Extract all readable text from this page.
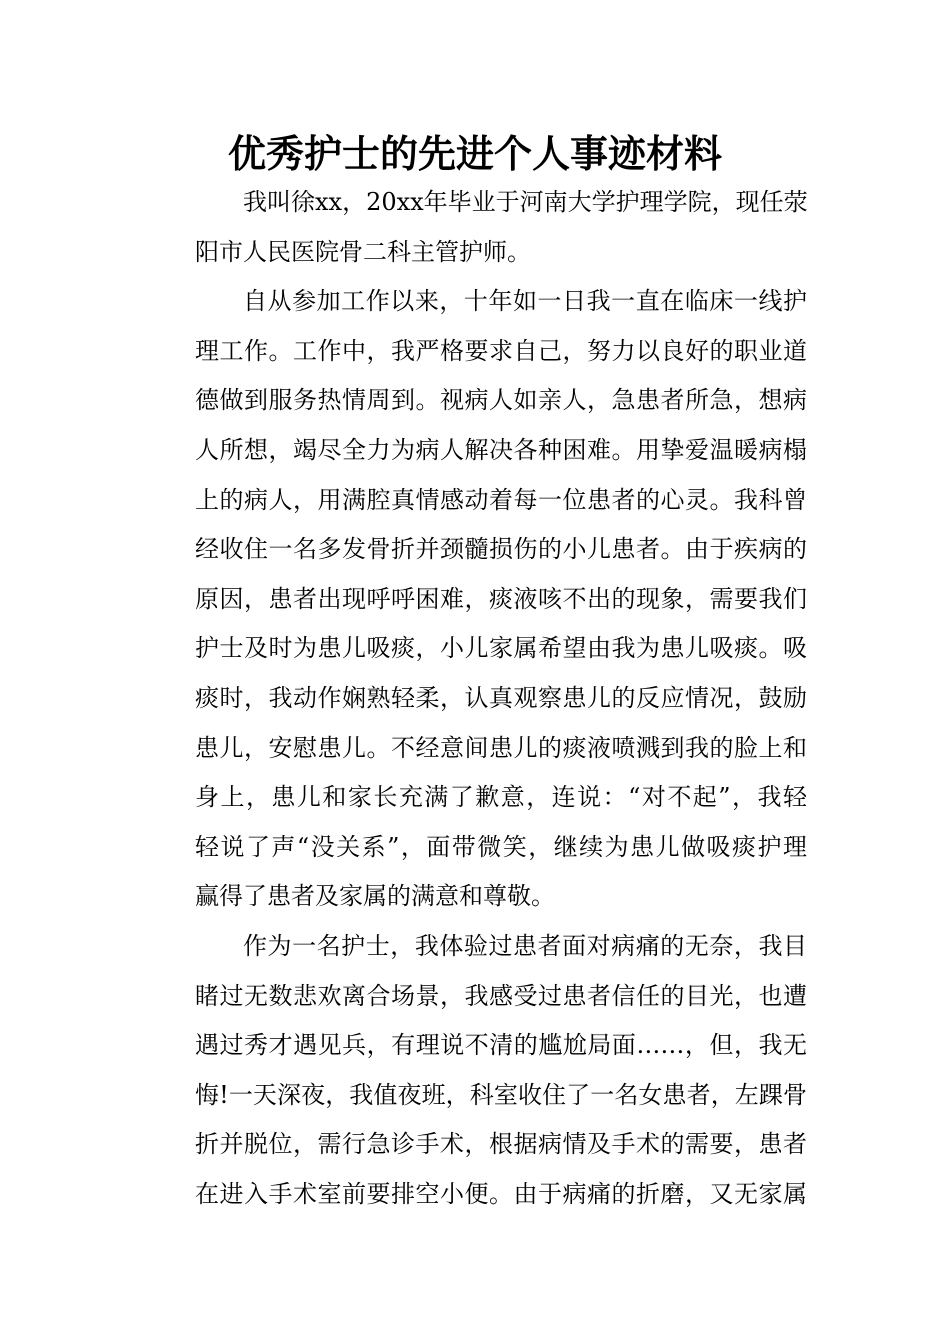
优秀护士的先进个人事迹材料
我叫徐xx，20xx年毕业于河南大学护理学院，现任荥
阳市人民医院骨二科主管护师。
自从参加工作以来，十年如一日我一直在临床一线护
理工作。工作中，我严格要求自己，努力以良好的职业道
德做到服务热情周到。视病人如亲人，急患者所急，想病
人所想，竭尽全力为病人解决各种困难。用挚爱温暖病榻
上的病人，用满腔真情感动着每一位患者的心灵。我科曾
经收住一名多发骨折并颈髓损伤的小儿患者。由于疾病的
原因，患者出现呼呼困难，痰液咳不出的现象，需要我们
护士及时为患儿吸痰，小儿家属希望由我为患儿吸痰。吸
痰时，我动作娴熟轻柔，认真观察患儿的反应情况，鼓励
患儿，安慰患儿。不经意间患儿的痰液喷溅到我的脸上和
身上，患儿和家长充满了歉意，连说：“对不起”，我轻
轻说了声“没关系”，面带微笑，继续为患儿做吸痰护理
赢得了患者及家属的满意和尊敬。
作为一名护士，我体验过患者面对病痛的无奈，我目
睹过无数悲欢离合场景，我感受过患者信任的目光，也遭
遇过秀才遇见兵，有理说不清的尴尬局面……，但，我无
悔!一天深夜，我值夜班，科室收住了一名女患者，左踝骨
折并脱位，需行急诊手术，根据病情及手术的需要，患者
在进入手术室前要排空小便。由于病痛的折磨，又无家属
